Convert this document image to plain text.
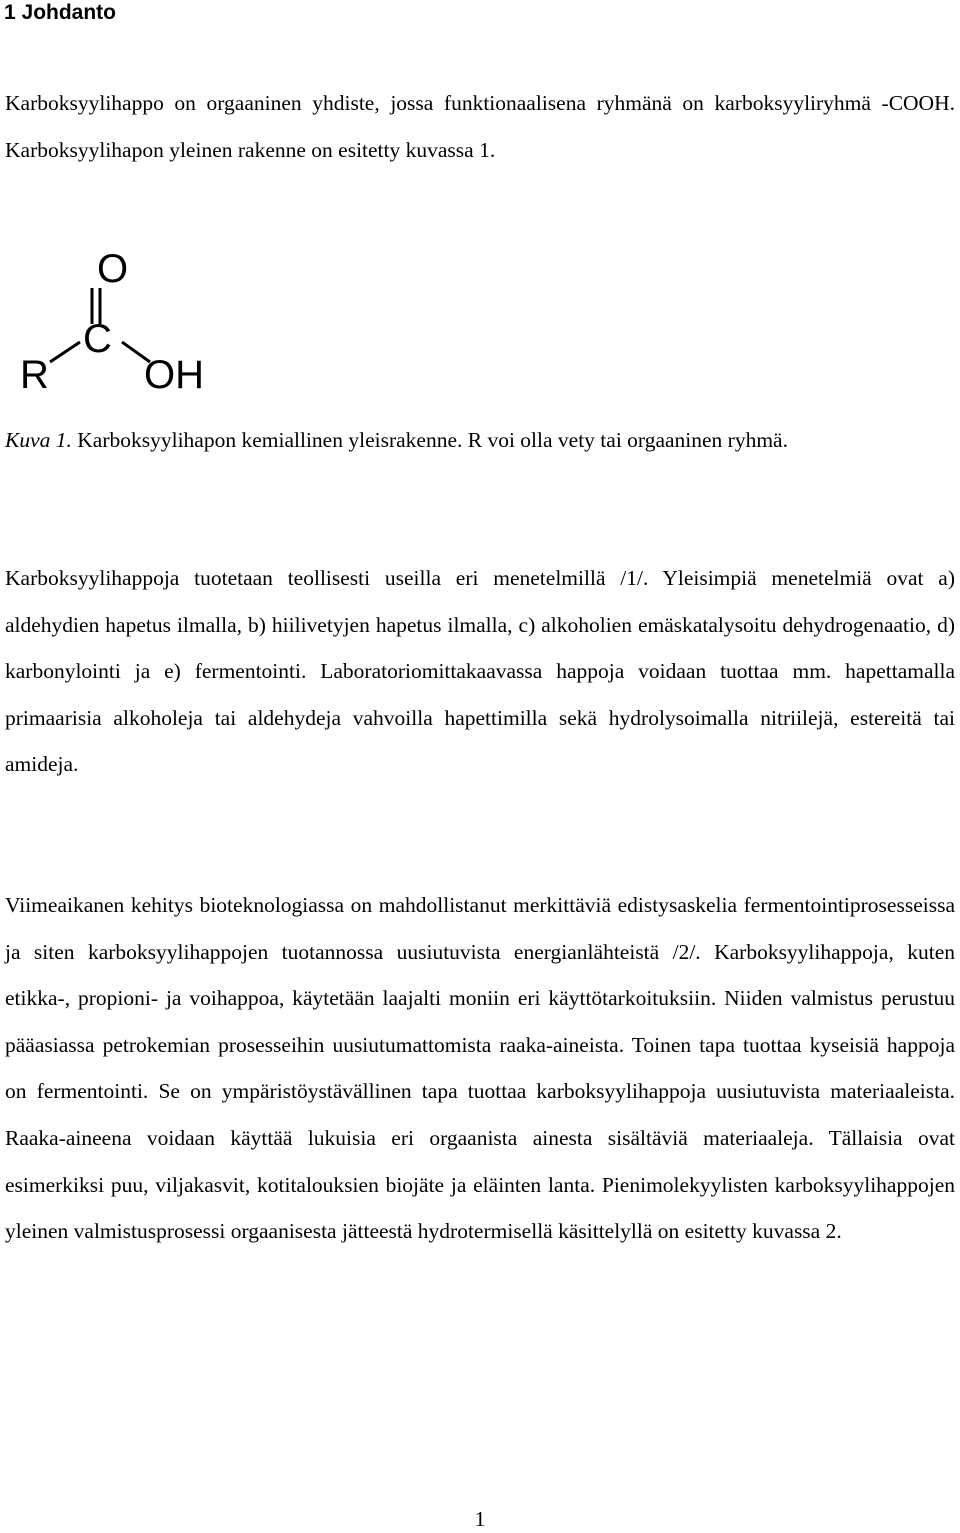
1 Johdanto

Karboksyylihappo on orgaaninen yhdiste, jossa funktionaalisena ryhmänä on karboksyyliryhmä -COOH. Karboksyylihapon yleinen rakenne on esitetty kuvassa 1.

O
C
R OH

Kuva 1. Karboksyylihapon kemiallinen yleisrakenne. R voi olla vety tai orgaaninen ryhmä.

Karboksyylihappoja tuotetaan teollisesti useilla eri menetelmillä /1/. Yleisimpiä menetelmiä ovat a) aldehydien hapetus ilmalla, b) hiilivetyjen hapetus ilmalla, c) alkoholien emäskatalysoitu dehydrogenaatio, d) karbonylointi ja e) fermentointi. Laboratoriomittakaavassa happoja voidaan tuottaa mm. hapettamalla primaarisia alkoholeja tai aldehydeja vahvoilla hapettimilla sekä hydrolysoimalla nitriilejä, estereitä tai amideja.

Viimeaikanen kehitys bioteknologiassa on mahdollistanut merkittäviä edistysaskelia fermentointiprosesseissa ja siten karboksyylihappojen tuotannossa uusiutuvista energianlähteistä /2/. Karboksyylihappoja, kuten etikka-, propioni- ja voihappoa, käytetään laajalti moniin eri käyttötarkoituksiin. Niiden valmistus perustuu pääasiassa petrokemian prosesseihin uusiutumattomista raaka-aineista. Toinen tapa tuottaa kyseisiä happoja on fermentointi. Se on ympäristöystävällinen tapa tuottaa karboksyylihappoja uusiutuvista materiaaleista. Raaka-aineena voidaan käyttää lukuisia eri orgaanista ainesta sisältäviä materiaaleja. Tällaisia ovat esimerkiksi puu, viljakasvit, kotitalouksien biojäte ja eläinten lanta. Pienimolekyylisten karboksyylihappojen yleinen valmistusprosessi orgaanisesta jätteestä hydrotermisellä käsittelyllä on esitetty kuvassa 2.

1
